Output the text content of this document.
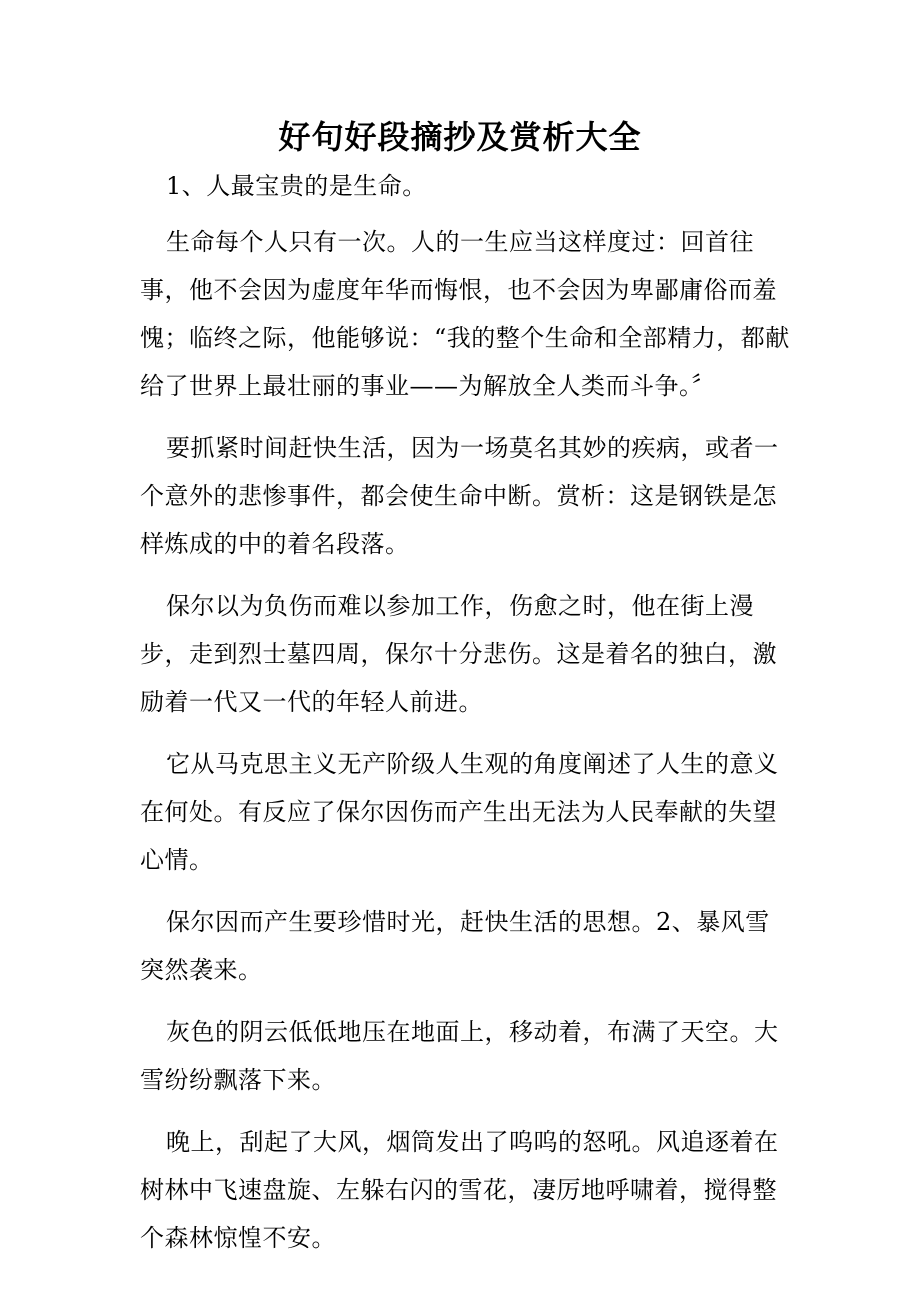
好句好段摘抄及赏析大全

1、人最宝贵的是生命。

生命每个人只有一次。人的一生应当这样度过：回首往事，他不会因为虚度年华而悔恨，也不会因为卑鄙庸俗而羞愧；临终之际，他能够说：“我的整个生命和全部精力，都献给了世界上最壮丽的事业——为解放全人类而斗争。〞

要抓紧时间赶快生活，因为一场莫名其妙的疾病，或者一个意外的悲惨事件，都会使生命中断。赏析：这是钢铁是怎样炼成的中的着名段落。

保尔以为负伤而难以参加工作，伤愈之时，他在街上漫步，走到烈士墓四周，保尔十分悲伤。这是着名的独白，激励着一代又一代的年轻人前进。

它从马克思主义无产阶级人生观的角度阐述了人生的意义在何处。有反应了保尔因伤而产生出无法为人民奉献的失望心情。

保尔因而产生要珍惜时光，赶快生活的思想。2、暴风雪突然袭来。

灰色的阴云低低地压在地面上，移动着，布满了天空。大雪纷纷飘落下来。

晚上，刮起了大风，烟筒发出了呜呜的怒吼。风追逐着在树林中飞速盘旋、左躲右闪的雪花，凄厉地呼啸着，搅得整个森林惊惶不安。
